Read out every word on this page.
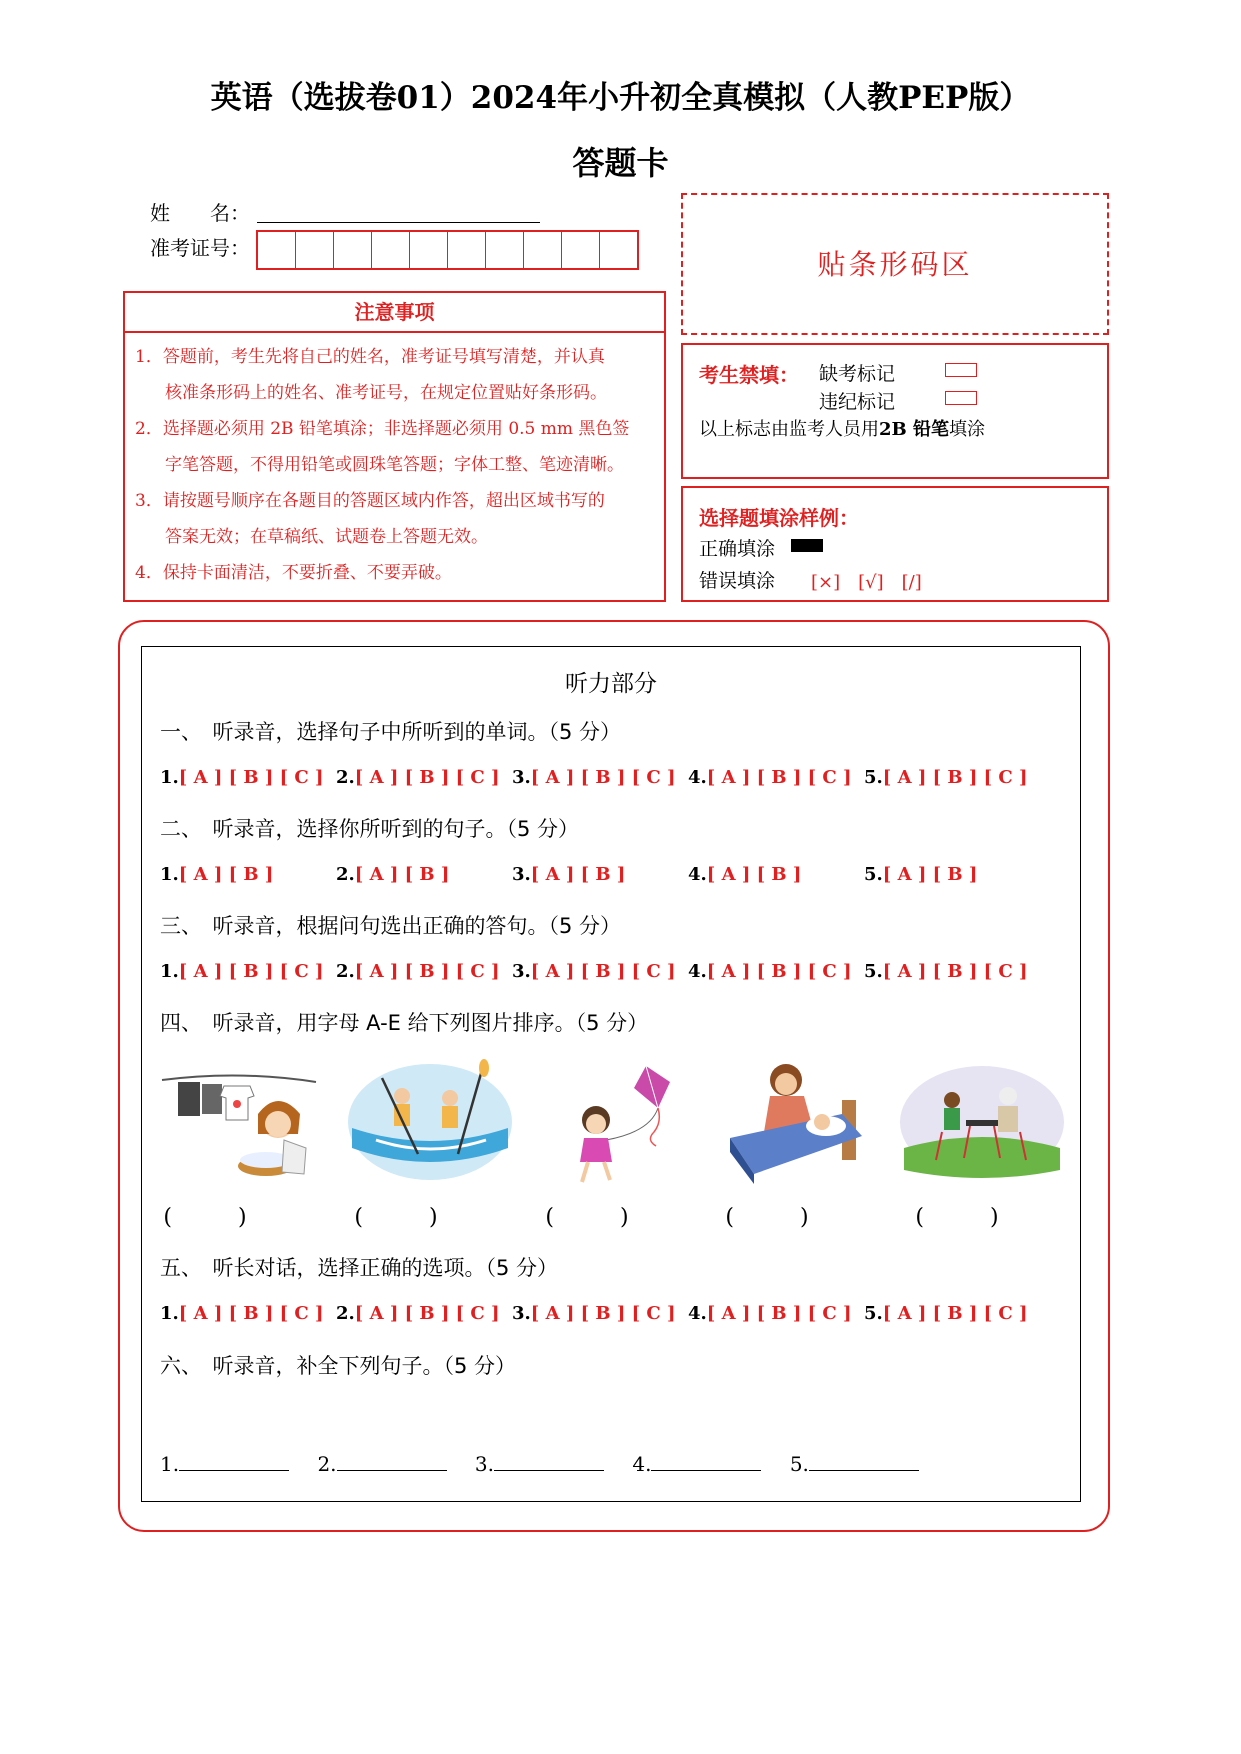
英语（选拔卷01）2024年小升初全真模拟（人教PEP版）
答题卡
姓　　名：
准考证号：	贴条形码区
注意事项
1．答题前，考生先将自己的姓名，准考证号填写清楚，并认真
核准条形码上的姓名、准考证号，在规定位置贴好条形码。
2．选择题必须用 2B 铅笔填涂；非选择题必须用 0.5 mm 黑色签
字笔答题，不得用铅笔或圆珠笔答题；字体工整、笔迹清晰。
3．请按题号顺序在各题目的答题区域内作答，超出区域书写的
答案无效；在草稿纸、试题卷上答题无效。
4．保持卡面清洁，不要折叠、不要弄破。
考生禁填： 缺考标记
违纪标记
以上标志由监考人员用2B 铅笔填涂
选择题填涂样例：
正确填涂
错误填涂 [×]　[√]　[/]
听力部分
一、　听录音，选择句子中所听到的单词。（5 分）
1.[ A ] [ B ] [ C ] 2.[ A ] [ B ] [ C ] 3.[ A ] [ B ] [ C ] 4.[ A ] [ B ] [ C ] 5.[ A ] [ B ] [ C ]
二、　听录音，选择你所听到的句子。（5 分）
1.[ A ] [ B ]	2.[ A ] [ B ]	3.[ A ] [ B ]	4.[ A ] [ B ]	5.[ A ] [ B ]
三、　听录音，根据问句选出正确的答句。（5 分）
1.[ A ] [ B ] [ C ] 2.[ A ] [ B ] [ C ] 3.[ A ] [ B ] [ C ] 4.[ A ] [ B ] [ C ] 5.[ A ] [ B ] [ C ]
四、　听录音，用字母 A-E 给下列图片排序。（5 分）
(　　　)	(　　　)	(　　　)	(　　　)	(　　　)
五、　听长对话，选择正确的选项。（5 分）
1.[ A ] [ B ] [ C ] 2.[ A ] [ B ] [ C ] 3.[ A ] [ B ] [ C ] 4.[ A ] [ B ] [ C ] 5.[ A ] [ B ] [ C ]
六、　听录音，补全下列句子。（5 分）
1.	2.	3.	4.	5.
